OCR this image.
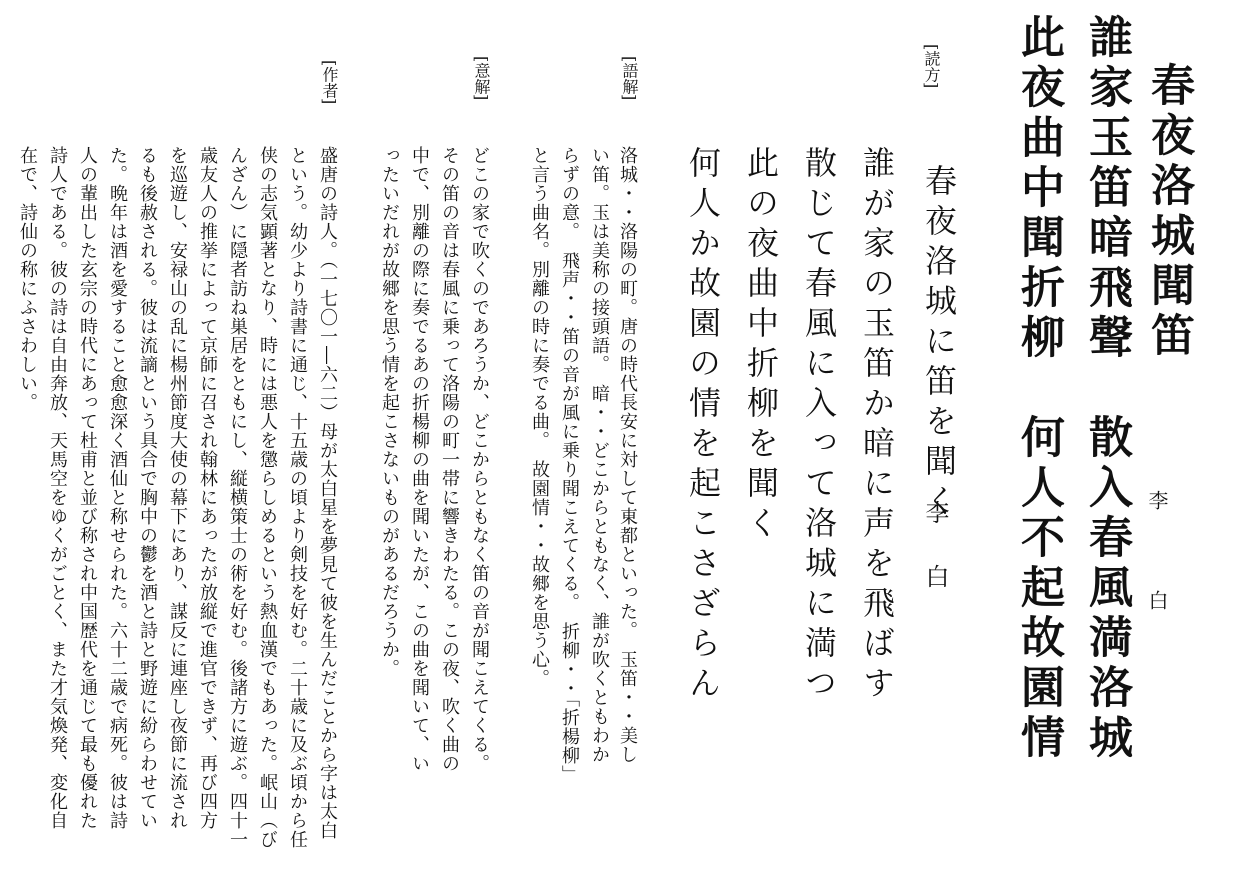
春夜洛城聞笛
李白
誰家玉笛暗飛聲　散入春風満洛城
此夜曲中聞折柳　何人不起故園情
[ 読方 ]
春夜洛城に笛を聞く
李白
誰が家の玉笛か暗に声を飛ばす
散じて春風に入って洛城に満つ
此の夜曲中折柳を聞く
何人か故園の情を起こさざらん
[ 語解 ]
洛城・・洛陽の町。唐の時代長安に対して東都といった。　玉笛・・美し
い笛。玉は美称の接頭語。　暗・・どこからともなく、誰が吹くともわか
らずの意。　飛声・・笛の音が風に乗り聞こえてくる。　折柳・・「折楊柳」
と言う曲名。別離の時に奏でる曲。　故園情・・故郷を思う心。
[ 意解 ]
どこの家で吹くのであろうか、どこからともなく笛の音が聞こえてくる。
その笛の音は春風に乗って洛陽の町一帯に響きわたる。この夜、吹く曲の
中で、別離の際に奏でるあの折楊柳の曲を聞いたが、この曲を聞いて、い
ったいだれが故郷を思う情を起こさないものがあるだろうか。
[ 作者 ]
盛唐の詩人。（一七〇一―六二）母が太白星を夢見て彼を生んだことから字は太白
という。幼少より詩書に通じ、十五歳の頃より剣技を好む。二十歳に及ぶ頃から任
侠の志気顕著となり、時には悪人を懲らしめるという熱血漢でもあった。岷山（び
んざん）に隠者訪ね巣居をともにし、縦横策士の術を好む。後諸方に遊ぶ。四十一
歳友人の推挙によって京師に召され翰林にあったが放縦で進官できず、再び四方
を巡遊し、安禄山の乱に楊州節度大使の幕下にあり、謀反に連座し夜節に流され
るも後赦される。彼は流謫という具合で胸中の鬱を酒と詩と野遊に紛らわせてい
た。晩年は酒を愛すること愈愈深く酒仙と称せられた。六十二歳で病死。彼は詩
人の輩出した玄宗の時代にあって杜甫と並び称され中国歴代を通じて最も優れた
詩人である。彼の詩は自由奔放、天馬空をゆくがごとく、また才気煥発、変化自
在で、詩仙の称にふさわしい。
